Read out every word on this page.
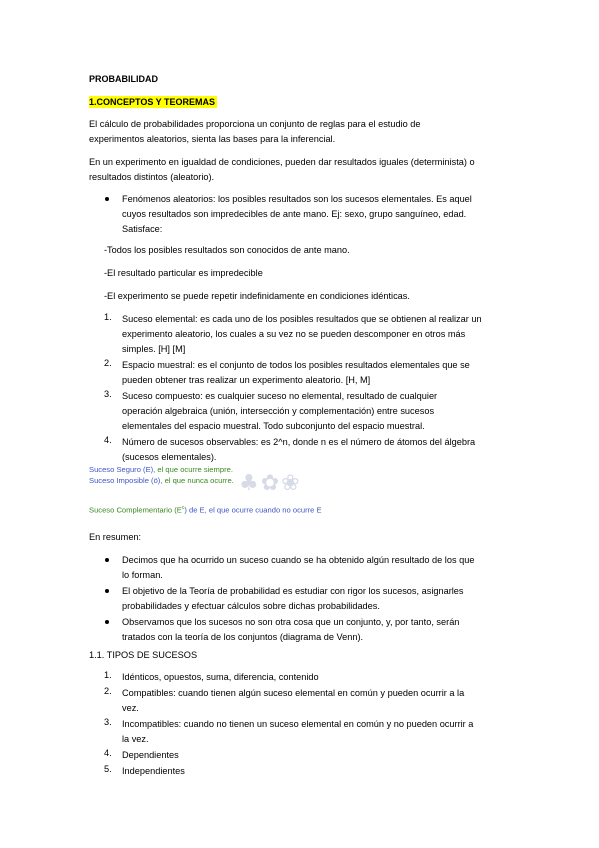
PROBABILIDAD
1.CONCEPTOS Y TEOREMAS
El cálculo de probabilidades proporciona un conjunto de reglas para el estudio de
experimentos aleatorios, sienta las bases para la inferencial.
En un experimento en igualdad de condiciones, pueden dar resultados iguales (determinista) o
resultados distintos (aleatorio).
Fenómenos aleatorios: los posibles resultados son los sucesos elementales. Es aquel
cuyos resultados son impredecibles de ante mano. Ej: sexo, grupo sanguíneo, edad.
Satisface:
-Todos los posibles resultados son conocidos de ante mano.
-El resultado particular es impredecible
-El experimento se puede repetir indefinidamente en condiciones idénticas.
1. Suceso elemental: es cada uno de los posibles resultados que se obtienen al realizar un
experimento aleatorio, los cuales a su vez no se pueden descomponer en otros más
simples. [H] [M]
2. Espacio muestral: es el conjunto de todos los posibles resultados elementales que se
pueden obtener tras realizar un experimento aleatorio. [H, M]
3. Suceso compuesto: es cualquier suceso no elemental, resultado de cualquier
operación algebraica (unión, intersección y complementación) entre sucesos
elementales del espacio muestral. Todo subconjunto del espacio muestral.
4. Número de sucesos observables: es 2^n, donde n es el número de átomos del álgebra
(sucesos elementales).
♣✿❀
Suceso Seguro (E), el que ocurre siempre.
Suceso Imposible (ö), el que nunca ocurre.
Suceso Complementario $(E^c)$ de E, el que ocurre cuando no ocurre E
En resumen:
Decimos que ha ocurrido un suceso cuando se ha obtenido algún resultado de los que
lo forman.
El objetivo de la Teoría de probabilidad es estudiar con rigor los sucesos, asignarles
probabilidades y efectuar cálculos sobre dichas probabilidades.
Observamos que los sucesos no son otra cosa que un conjunto, y, por tanto, serán
tratados con la teoría de los conjuntos (diagrama de Venn).
1.1. TIPOS DE SUCESOS
1. Idénticos, opuestos, suma, diferencia, contenido
2. Compatibles: cuando tienen algún suceso elemental en común y pueden ocurrir a la
vez.
3. Incompatibles: cuando no tienen un suceso elemental en común y no pueden ocurrir a
la vez.
4. Dependientes
5. Independientes
